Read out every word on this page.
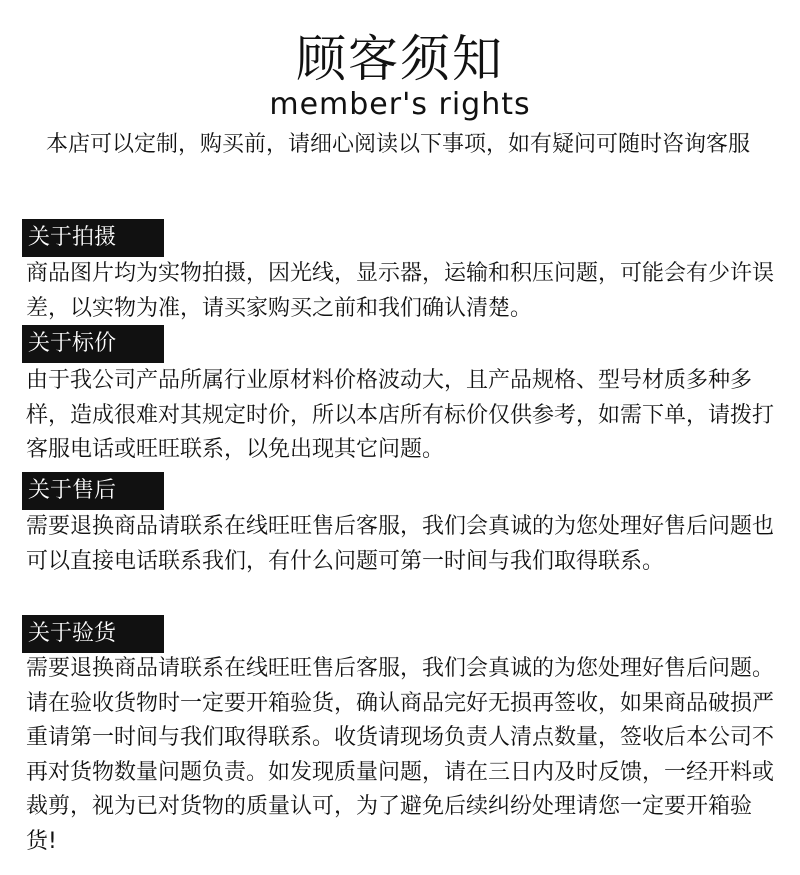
顾客须知
member's rights

本店可以定制，购买前，请细心阅读以下事项，如有疑问可随时咨询客服

关于拍摄

商品图片均为实物拍摄，因光线，显示器，运输和积压问题，可能会有少许误差，以实物为准，请买家购买之前和我们确认清楚。

关于标价

由于我公司产品所属行业原材料价格波动大，且产品规格、型号材质多种多样，造成很难对其规定时价，所以本店所有标价仅供参考，如需下单，请拨打客服电话或旺旺联系，以免出现其它问题。

关于售后

需要退换商品请联系在线旺旺售后客服，我们会真诚的为您处理好售后问题也可以直接电话联系我们，有什么问题可第一时间与我们取得联系。

关于验货

需要退换商品请联系在线旺旺售后客服，我们会真诚的为您处理好售后问题。请在验收货物时一定要开箱验货，确认商品完好无损再签收，如果商品破损严重请第一时间与我们取得联系。收货请现场负责人清点数量，签收后本公司不再对货物数量问题负责。如发现质量问题，请在三日内及时反馈，一经开料或裁剪，视为已对货物的质量认可，为了避免后续纠纷处理请您一定要开箱验货!
